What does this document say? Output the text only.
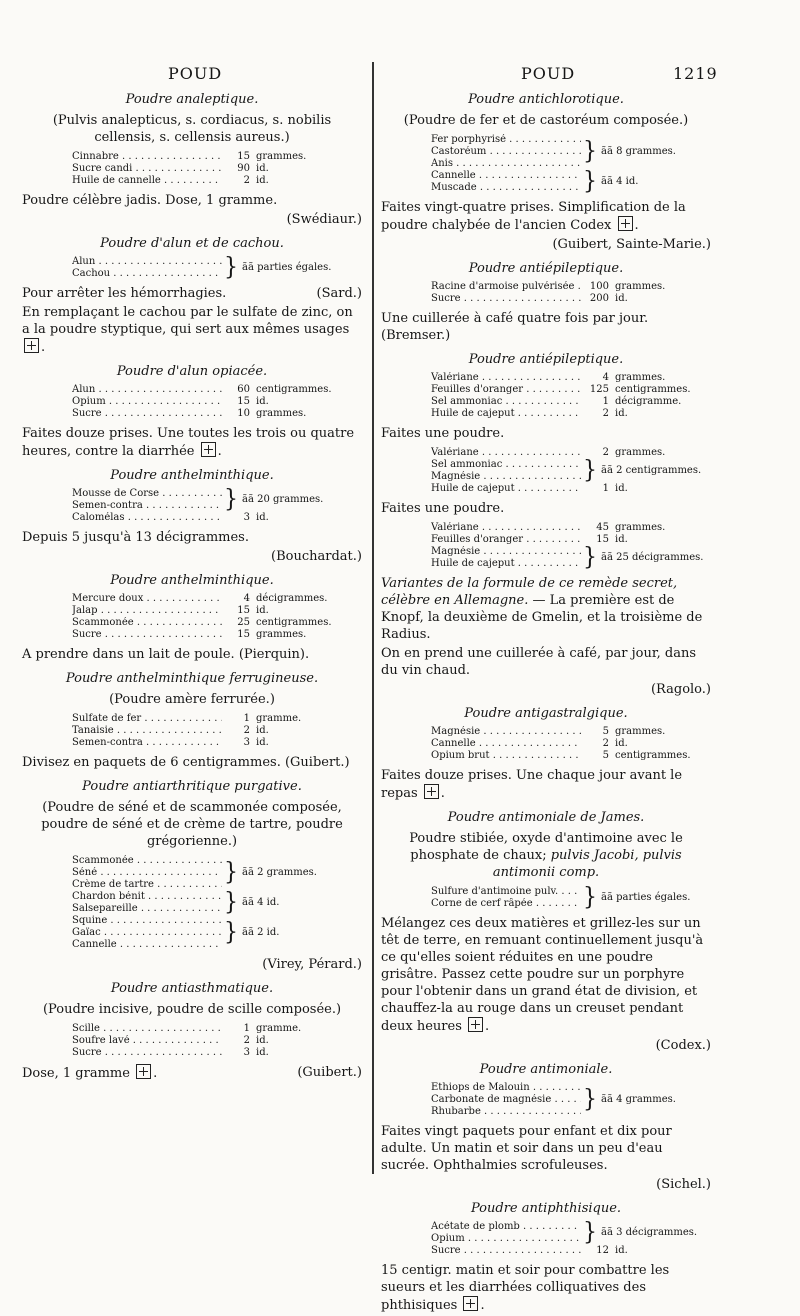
POUD	POUD	1219
Poudre analeptique.
(Pulvis analepticus, s. cordiacus, s. nobilis cellensis, s. cellensis aureus.)
Cinnabre . . .	15 grammes.
Sucre candi . . .	90 id.
Huile de cannelle . . .	2 id.
Poudre célèbre jadis. Dose, 1 gramme.
(Swédiaur.)
Poudre d'alun et de cachou.
Alun . . .
Cachou . . .	} ãã parties égales.
Pour arrêter les hémorrhagies.	(Sard.)
En remplaçant le cachou par le sulfate de zinc, on a la poudre styptique, qui sert aux mêmes usages .
Poudre d'alun opiacée.
Alun . . .	60 centigrammes.
Opium . . .	15 id.
Sucre . . .	10 grammes.
Faites douze prises. Une toutes les trois ou quatre heures, contre la diarrhée .
Poudre anthelminthique.
Mousse de Corse . . .
Semen-contra . . .	} ãã 20 grammes.
Calomélas . . .	3 id.
Depuis 5 jusqu'à 13 décigrammes.
(Bouchardat.)
Poudre anthelminthique.
Mercure doux . . .	4 décigrammes.
Jalap . . .	15 id.
Scammonée . . .	25 centigrammes.
Sucre . . .	15 grammes.
A prendre dans un lait de poule. (Pierquin).
Poudre anthelminthique ferrugineuse.
(Poudre amère ferrurée.)
Sulfate de fer . . .	1 gramme.
Tanaisie . . .	2 id.
Semen-contra . . .	3 id.
Divisez en paquets de 6 centigrammes. (Guibert.)
Poudre antiarthritique purgative.
(Poudre de séné et de scammonée composée, poudre de séné et de crème de tartre, poudre grégorienne.)
Scammonée . . .
Séné . . .
Crème de tartre . . .	} ãã 2 grammes.
Chardon bénit . . .
Salsepareille . . .	} ãã 4 id.
Squine . . .
Gaïac . . .
Cannelle . . .	} ãã 2 id.
(Virey, Pérard.)
Poudre antiasthmatique.
(Poudre incisive, poudre de scille composée.)
Scille . . .	1 gramme.
Soufre lavé . . .	2 id.
Sucre . . .	3 id.
Dose, 1 gramme .	(Guibert.)
Poudre antichlorotique.
(Poudre de fer et de castoréum composée.)
Fer porphyrisé . . .
Castoréum . . .
Anis . . .	} ãã 8 grammes.
Cannelle . . .
Muscade . . .	} ãã 4 id.
Faites vingt-quatre prises. Simplification de la poudre chalybée de l'ancien Codex .
(Guibert, Sainte-Marie.)
Poudre antiépileptique.
Racine d'armoise pulvérisée . . .	100 grammes.
Sucre . . .	200 id.
Une cuillerée à café quatre fois par jour. (Bremser.)
Poudre antiépileptique.
Valériane . . .	4 grammes.
Feuilles d'oranger . . .	125 centigrammes.
Sel ammoniac . . .	1 décigramme.
Huile de cajeput . . .	2 id.
Faites une poudre.
Valériane . . .	2 grammes.
Sel ammoniac . . .
Magnésie . . .	} ãã 2 centigrammes.
Huile de cajeput . . .	1 id.
Faites une poudre.
Valériane . . .	45 grammes.
Feuilles d'oranger . . .	15 id.
Magnésie . . .
Huile de cajeput . . .	} ãã 25 décigrammes.
Variantes de la formule de ce remède secret, célèbre en Allemagne. — La première est de Knopf, la deuxième de Gmelin, et la troisième de Radius.
On en prend une cuillerée à café, par jour, dans du vin chaud.
(Ragolo.)
Poudre antigastralgique.
Magnésie . . .	5 grammes.
Cannelle . . .	2 id.
Opium brut . . .	5 centigrammes.
Faites douze prises. Une chaque jour avant le repas .
Poudre antimoniale de James.
Poudre stibiée, oxyde d'antimoine avec le phosphate de chaux; pulvis Jacobi, pulvis antimonii comp.
Sulfure d'antimoine pulv. . . .
Corne de cerf râpée . . .	} ãã parties égales.
Mélangez ces deux matières et grillez-les sur un têt de terre, en remuant continuellement jusqu'à ce qu'elles soient réduites en une poudre grisâtre. Passez cette poudre sur un porphyre pour l'obtenir dans un grand état de division, et chauffez-la au rouge dans un creuset pendant deux heures .
(Codex.)
Poudre antimoniale.
Ethiops de Malouin . . .
Carbonate de magnésie . . .
Rhubarbe . . .	} ãã 4 grammes.
Faites vingt paquets pour enfant et dix pour adulte. Un matin et soir dans un peu d'eau sucrée. Ophthalmies scrofuleuses.
(Sichel.)
Poudre antiphthisique.
Acétate de plomb . . .
Opium . . .	} ãã 3 décigrammes.
Sucre . . .	12 id.
15 centigr. matin et soir pour combattre les sueurs et les diarrhées colliquatives des phthisiques .
